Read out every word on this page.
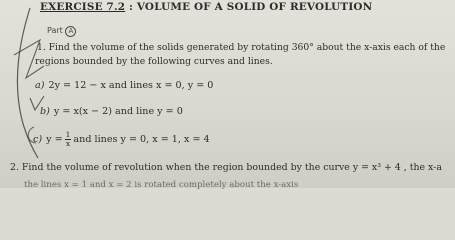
EXERCISE 7.2 : VOLUME OF A SOLID OF REVOLUTION
Part A
1. Find the volume of the solids generated by rotating 360° about the x-axis each of the
regions bounded by the following curves and lines.
a) 2y = 12 − x and lines x = 0, y = 0
b) y = x(x − 2) and line y = 0
c) $y = \frac{1}{x}$ and lines y = 0, x = 1, x = 4
2. Find the volume of revolution when the region bounded by the curve y = x³ + 4 , the x-a
the lines x = 1 and x = 2 is rotated completely about the x-axis
